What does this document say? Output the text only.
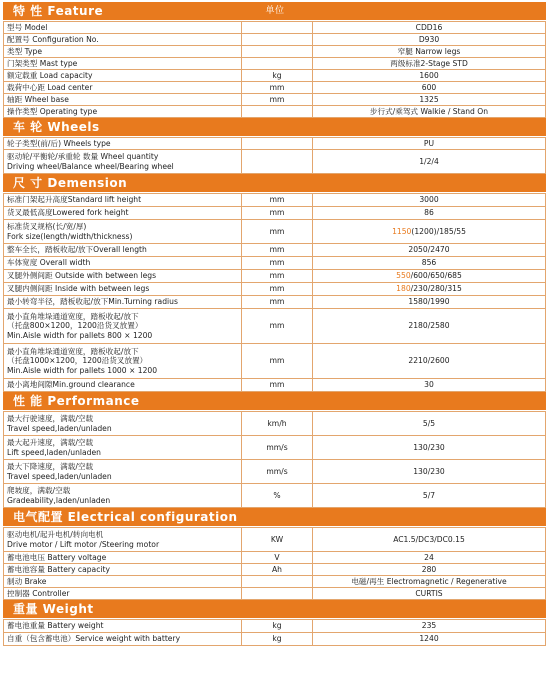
特 性 Feature	单位
型号 Model		CDD16

配置号 Configuration No.		D930

类型 Type		窄腿 Narrow legs

门架类型 Mast type		两级标准2-Stage STD

额定载重 Load capacity	kg	1600

载荷中心距 Load center	mm	600

轴距 Wheel base	mm	1325

操作类型 Operating type		步行式/乘驾式 Walkie / Stand On
车 轮 Wheels
轮子类型(前/后) Wheels type		PU

驱动轮/平衡轮/承重轮 数量 Wheel quantity
Driving wheel/Balance wheel/Bearing wheel		1/2/4
尺 寸 Demension
标准门架起升高度Standard lift height	mm	3000

货叉最低高度Lowered fork height	mm	86

标准货叉规格(长/宽/厚)
Fork size(length/width/thickness)	mm	1150(1200)/185/55

整车全长，踏板收起/放下Overall length	mm	2050/2470

车体宽度 Overall width	mm	856

叉腿外侧间距 Outside with between legs	mm	550/600/650/685

叉腿内侧间距 Inside with between legs	mm	180/230/280/315

最小转弯半径，踏板收起/放下Min.Turning radius	mm	1580/1990

最小直角堆垛通道宽度，踏板收起/放下
（托盘800×1200，1200沿货叉放置）
Min.Aisle width for pallets 800 × 1200	mm	2180/2580

最小直角堆垛通道宽度，踏板收起/放下
（托盘1000×1200，1200沿货叉放置）
Min.Aisle width for pallets 1000 × 1200	mm	2210/2600

最小离地间隙Min.ground clearance	mm	30
性 能 Performance
最大行驶速度，满载/空载
Travel speed,laden/unladen	km/h	5/5

最大起升速度，满载/空载
Lift speed,laden/unladen	mm/s	130/230

最大下降速度，满载/空载
Travel speed,laden/unladen	mm/s	130/230

爬坡度，满载/空载
Gradeability,laden/unladen	%	5/7
电气配置 Electrical configuration
驱动电机/起升电机/转向电机
Drive motor / Lift motor /Steering motor	KW	AC1.5/DC3/DC0.15

蓄电池电压 Battery voltage	V	24

蓄电池容量 Battery capacity	Ah	280

制动 Brake		电磁/再生 Electromagnetic / Regenerative

控制器 Controller		CURTIS
重量 Weight
蓄电池重量 Battery weight	kg	235

自重（包含蓄电池）Service weight with battery	kg	1240
